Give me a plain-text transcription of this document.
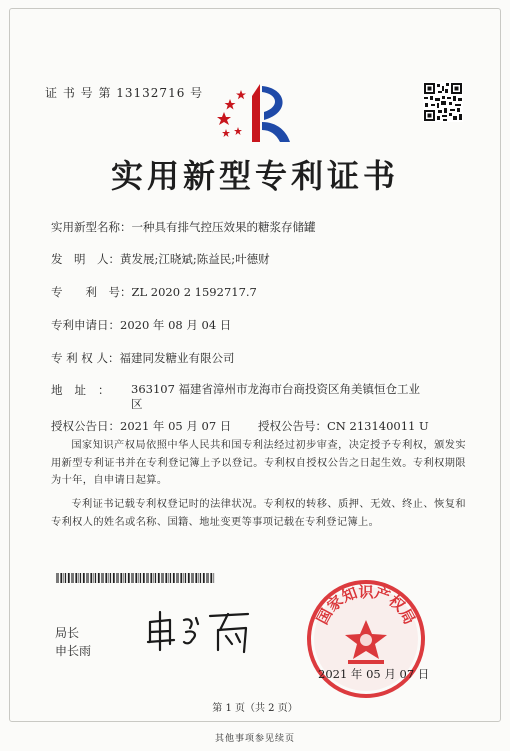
证 书 号 第 13132716 号
实用新型专利证书
实用新型名称：一种具有排气控压效果的糖浆存储罐
发　明　人：黄发展;江晓斌;陈益民;叶德财
专　　利　号：ZL 2020 2 1592717.7
专利申请日：2020 年 08 月 04 日
专 利 权 人：福建同发糖业有限公司
地址： 363107 福建省漳州市龙海市台商投资区角美镇恒仓工业区
授权公告日：2021 年 05 月 07 日 授权公告号：CN 213140011 U
国家知识产权局依照中华人民共和国专利法经过初步审查，决定授予专利权，颁发实用新型专利证书并在专利登记簿上予以登记。专利权自授权公告之日起生效。专利权期限为十年，自申请日起算。
专利证书记载专利权登记时的法律状况。专利权的转移、质押、无效、终止、恢复和专利权人的姓名或名称、国籍、地址变更等事项记载在专利登记簿上。
局长
申长雨
国家知识产权局
2021 年 05 月 07 日
第 1 页（共 2 页）
其他事项参见续页
